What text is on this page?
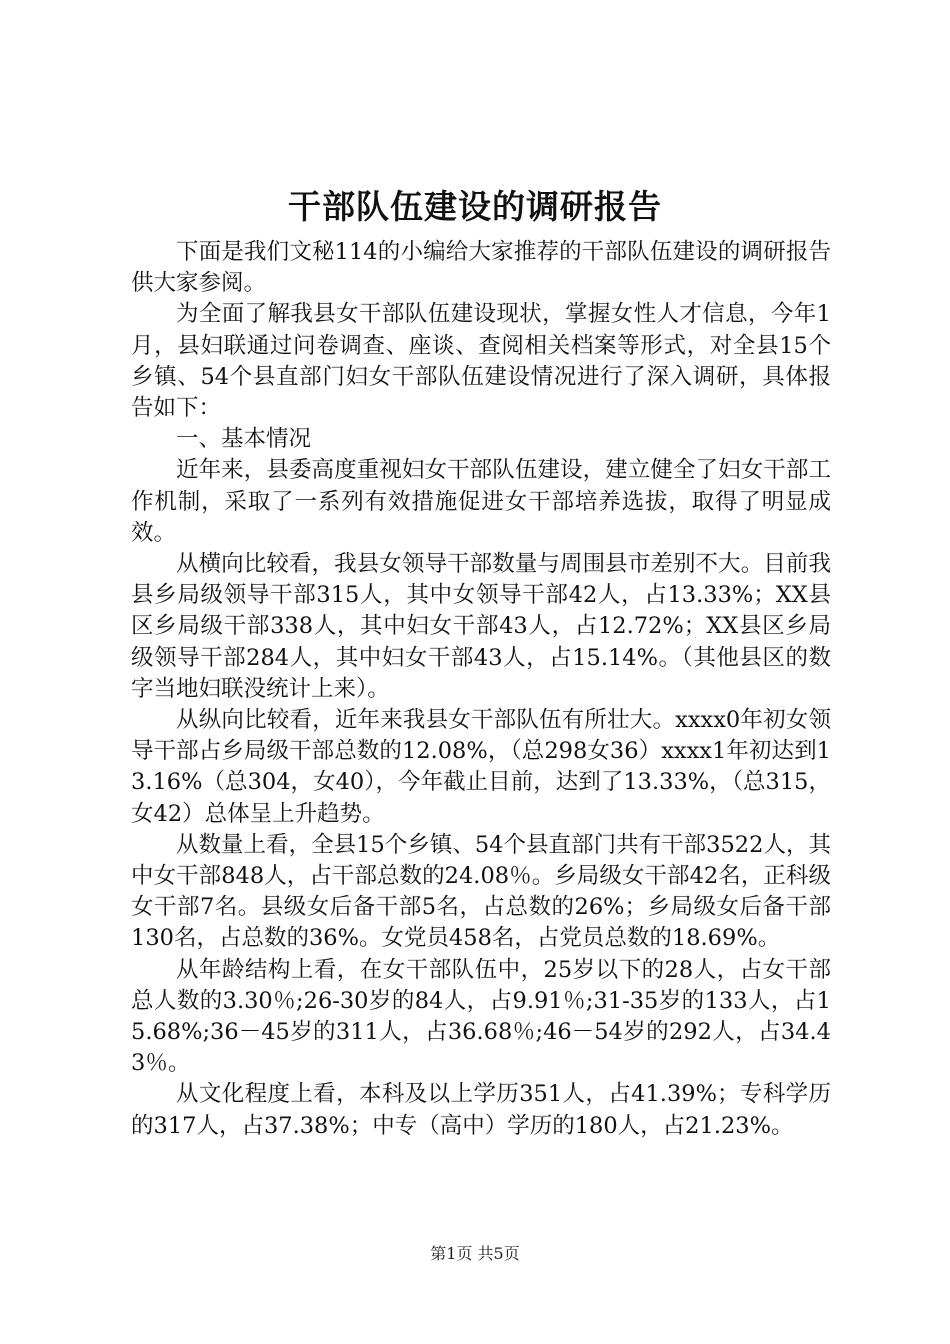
干部队伍建设的调研报告

下面是我们文秘114的小编给大家推荐的干部队伍建设的调研报告供大家参阅。

为全面了解我县女干部队伍建设现状，掌握女性人才信息，今年1月，县妇联通过问卷调查、座谈、查阅相关档案等形式，对全县15个乡镇、54个县直部门妇女干部队伍建设情况进行了深入调研，具体报告如下：

一、基本情况

近年来，县委高度重视妇女干部队伍建设，建立健全了妇女干部工作机制，采取了一系列有效措施促进女干部培养选拔，取得了明显成效。

从横向比较看，我县女领导干部数量与周围县市差别不大。目前我县乡局级领导干部315人，其中女领导干部42人，占13.33%；XX县区乡局级干部338人，其中妇女干部43人，占12.72%；XX县区乡局级领导干部284人，其中妇女干部43人，占15.14%。（其他县区的数字当地妇联没统计上来）。

从纵向比较看，近年来我县女干部队伍有所壮大。xxxx0年初女领导干部占乡局级干部总数的12.08%，（总298女36）xxxx1年初达到13.16%（总304，女40），今年截止目前，达到了13.33%，（总315，女42）总体呈上升趋势。

从数量上看，全县15个乡镇、54个县直部门共有干部3522人，其中女干部848人，占干部总数的24.08％。乡局级女干部42名，正科级女干部7名。县级女后备干部5名，占总数的26%；乡局级女后备干部130名，占总数的36%。女党员458名，占党员总数的18.69%。

从年龄结构上看，在女干部队伍中，25岁以下的28人，占女干部总人数的3.30％;26-30岁的84人，占9.91％;31-35岁的133人，占15.68%;36－45岁的311人，占36.68％;46－54岁的292人，占34.43％。

从文化程度上看，本科及以上学历351人，占41.39%；专科学历的317人，占37.38%；中专（高中）学历的180人，占21.23%。

第1页 共5页
